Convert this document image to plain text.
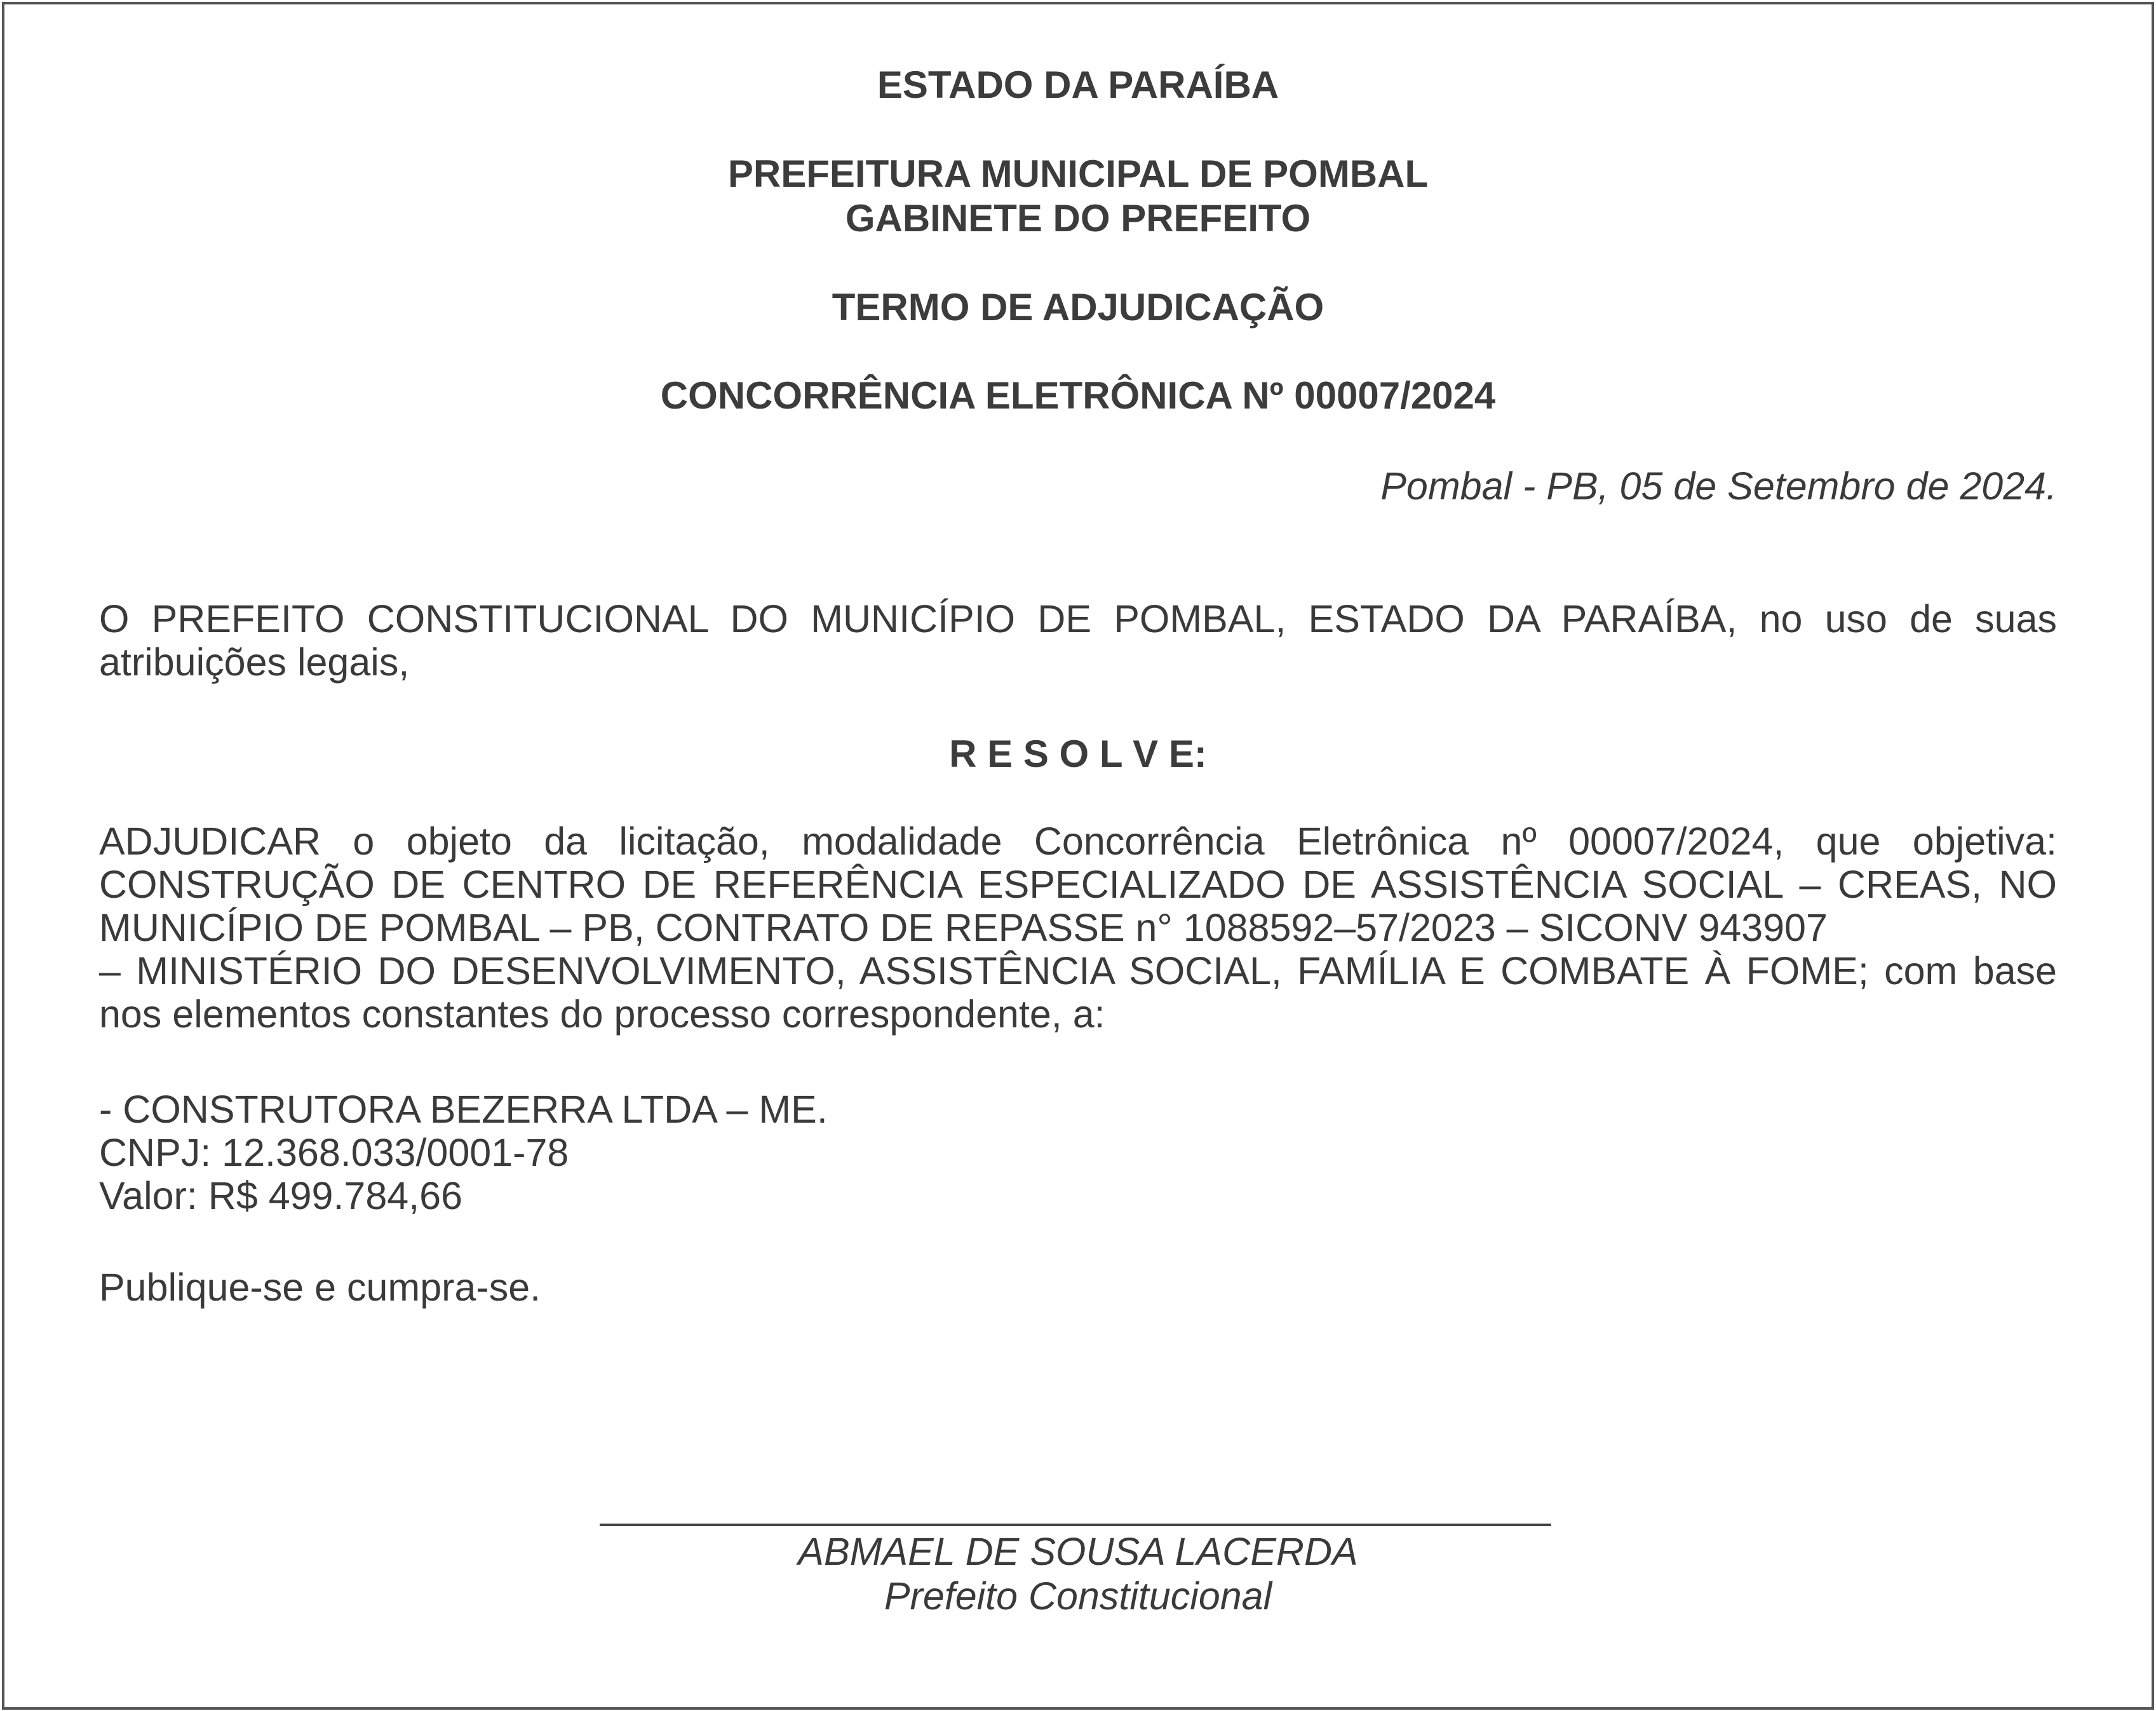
ESTADO DA PARAÍBA
PREFEITURA MUNICIPAL DE POMBAL
GABINETE DO PREFEITO
TERMO DE ADJUDICAÇÃO
CONCORRÊNCIA ELETRÔNICA Nº 00007/2024
Pombal - PB, 05 de Setembro de 2024.
O PREFEITO CONSTITUCIONAL DO MUNICÍPIO DE POMBAL, ESTADO DA PARAÍBA, no uso de suas
atribuições legais,
R E S O L V E:
ADJUDICAR o objeto da licitação, modalidade Concorrência Eletrônica nº 00007/2024, que objetiva:
CONSTRUÇÃO DE CENTRO DE REFERÊNCIA ESPECIALIZADO DE ASSISTÊNCIA SOCIAL – CREAS, NO
MUNICÍPIO DE POMBAL – PB, CONTRATO DE REPASSE n° 1088592–57/2023 – SICONV 943907
– MINISTÉRIO DO DESENVOLVIMENTO, ASSISTÊNCIA SOCIAL, FAMÍLIA E COMBATE À FOME; com base
nos elementos constantes do processo correspondente, a:
- CONSTRUTORA BEZERRA LTDA – ME.
CNPJ: 12.368.033/0001-78
Valor: R$ 499.784,66
Publique-se e cumpra-se.
ABMAEL DE SOUSA LACERDA
Prefeito Constitucional
